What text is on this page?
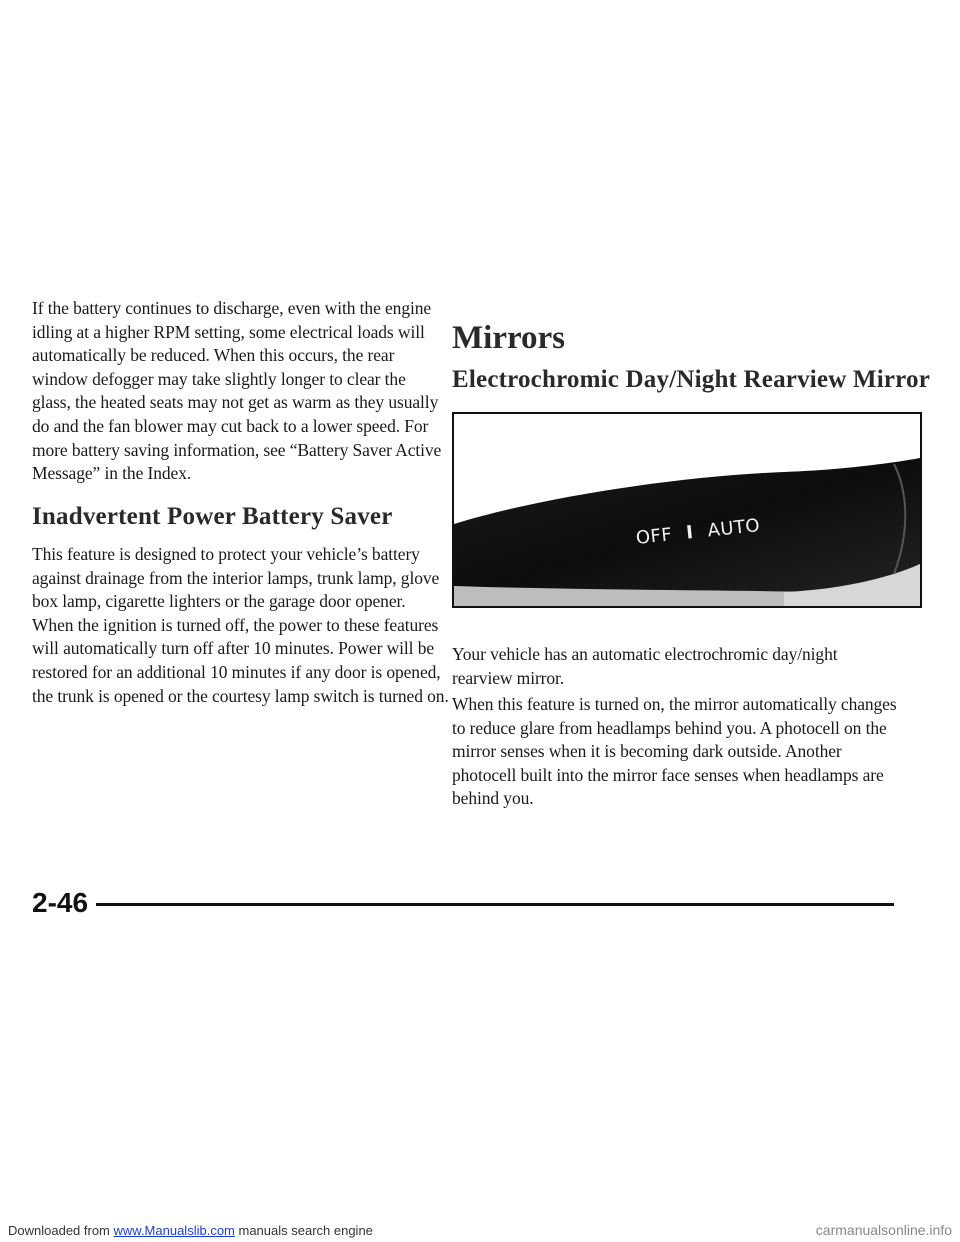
If the battery continues to discharge, even with the engine idling at a higher RPM setting, some electrical loads will automatically be reduced. When this occurs, the rear window defogger may take slightly longer to clear the glass, the heated seats may not get as warm as they usually do and the fan blower may cut back to a lower speed. For more battery saving information, see “Battery Saver Active Message” in the Index.

Inadvertent Power Battery Saver

This feature is designed to protect your vehicle’s battery against drainage from the interior lamps, trunk lamp, glove box lamp, cigarette lighters or the garage door opener. When the ignition is turned off, the power to these features will automatically turn off after 10 minutes. Power will be restored for an additional 10 minutes if any door is opened, the trunk is opened or the courtesy lamp switch is turned on.

Mirrors
Electrochromic Day/Night Rearview Mirror
OFF I AUTO

Your vehicle has an automatic electrochromic day/night rearview mirror.

When this feature is turned on, the mirror automatically changes to reduce glare from headlamps behind you. A photocell on the mirror senses when it is becoming dark outside. Another photocell built into the mirror face senses when headlamps are behind you.

2-46
Downloaded from www.Manualslib.com manuals search engine	carmanualsonline.info
